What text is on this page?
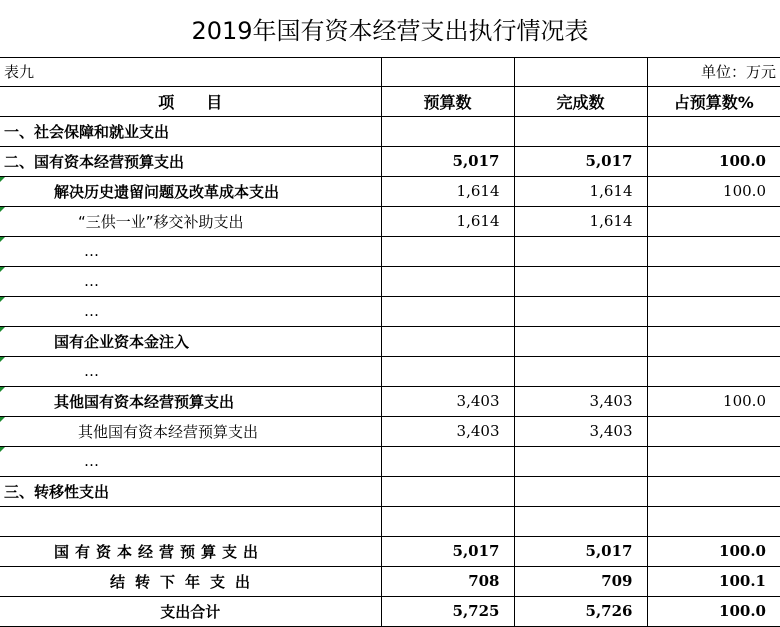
2019年国有资本经营支出执行情况表
表九			单位：万元
项　　目	预算数	完成数	占预算数%
一、社会保障和就业支出			
二、国有资本经营预算支出	5,017	5,017	100.0
解决历史遗留问题及改革成本支出	1,614	1,614	100.0
“三供一业”移交补助支出	1,614	1,614	
…			
…			
…			
国有企业资本金注入			
…			
其他国有资本经营预算支出	3,403	3,403	100.0
其他国有资本经营预算支出	3,403	3,403	
…			
三、转移性支出			

国有资本经营预算支出	5,017	5,017	100.0
结转下年支出	708	709	100.1
支出合计	5,725	5,726	100.0
